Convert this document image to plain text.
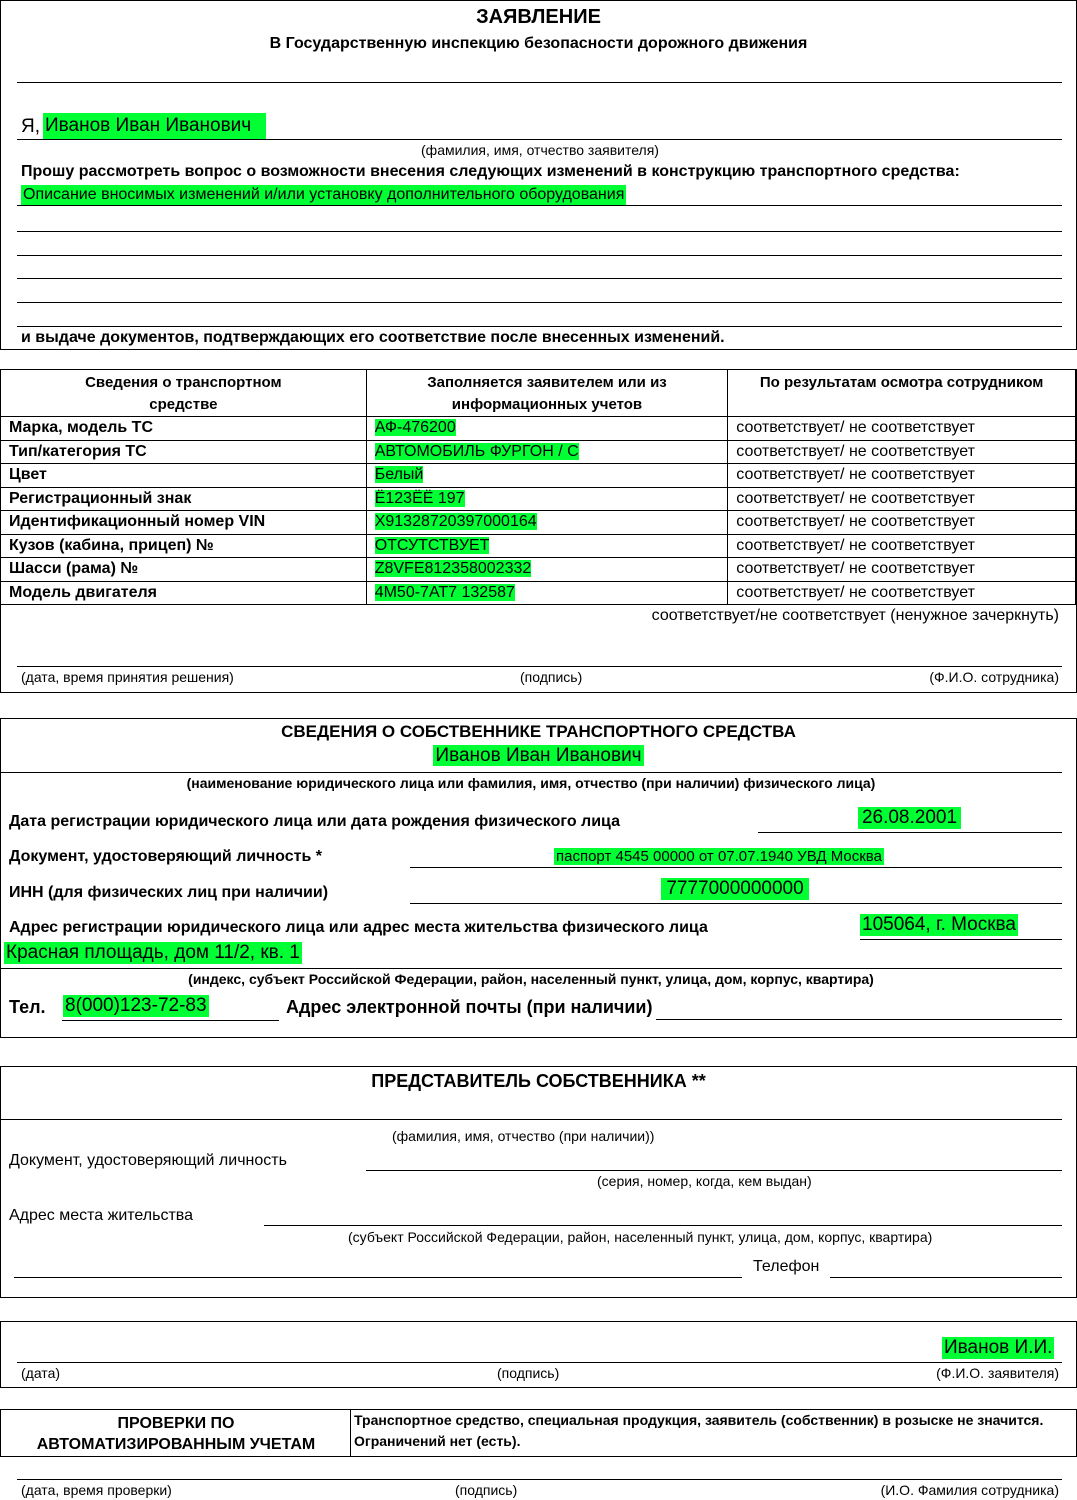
ЗАЯВЛЕНИЕ
В Государственную инспекцию безопасности дорожного движения
Я, Иванов Иван Иванович
(фамилия, имя, отчество заявителя)
Прошу рассмотреть вопрос о возможности внесения следующих изменений в конструкцию транспортного средства:
Описание вносимых изменений и/или установку дополнительного оборудования
и выдаче документов, подтверждающих его соответствие после внесенных изменений.
Сведения о транспортном средстве	Заполняется заявителем или из информационных учетов	По результатам осмотра сотрудником
Марка, модель ТС	АФ-476200	соответствует/ не соответствует
Тип/категория ТС	АВТОМОБИЛЬ ФУРГОН / С	соответствует/ не соответствует
Цвет	Белый	соответствует/ не соответствует
Регистрационный знак	Ё123ЁЁ 197	соответствует/ не соответствует
Идентификационный номер VIN	Х91328720397000164	соответствует/ не соответствует
Кузов (кабина, прицеп) №	ОТСУТСТВУЕТ	соответствует/ не соответствует
Шасси (рама) №	Z8VFE812358002332	соответствует/ не соответствует
Модель двигателя	4М50-7АТ7 132587	соответствует/ не соответствует
соответствует/не соответствует (ненужное зачеркнуть)
(дата, время принятия решения)	(подпись)	(Ф.И.О. сотрудника)
СВЕДЕНИЯ О СОБСТВЕННИКЕ ТРАНСПОРТНОГО СРЕДСТВА
Иванов Иван Иванович
(наименование юридического лица или фамилия, имя, отчество (при наличии) физического лица)
Дата регистрации юридического лица или дата рождения физического лица	26.08.2001
Документ, удостоверяющий личность *	паспорт 4545 00000 от 07.07.1940 УВД Москва
ИНН (для физических лиц при наличии)	7777000000000
Адрес регистрации юридического лица или адрес места жительства физического лица	105064, г. Москва
Красная площадь, дом 11/2, кв. 1
(индекс, субъект Российской Федерации, район, населенный пункт, улица, дом, корпус, квартира)
Тел. 8(000)123-72-83	Адрес электронной почты (при наличии)
ПРЕДСТАВИТЕЛЬ СОБСТВЕННИКА **
(фамилия, имя, отчество (при наличии))
Документ, удостоверяющий личность
(серия, номер, когда, кем выдан)
Адрес места жительства
(субъект Российской Федерации, район, населенный пункт, улица, дом, корпус, квартира)
Телефон
Иванов И.И.
(дата)	(подпись)	(Ф.И.О. заявителя)
ПРОВЕРКИ ПО АВТОМАТИЗИРОВАННЫМ УЧЕТАМ
Транспортное средство, специальная продукция, заявитель (собственник) в розыске не значится.
Ограничений нет (есть).
(дата, время проверки)	(подпись)	(И.О. Фамилия сотрудника)
